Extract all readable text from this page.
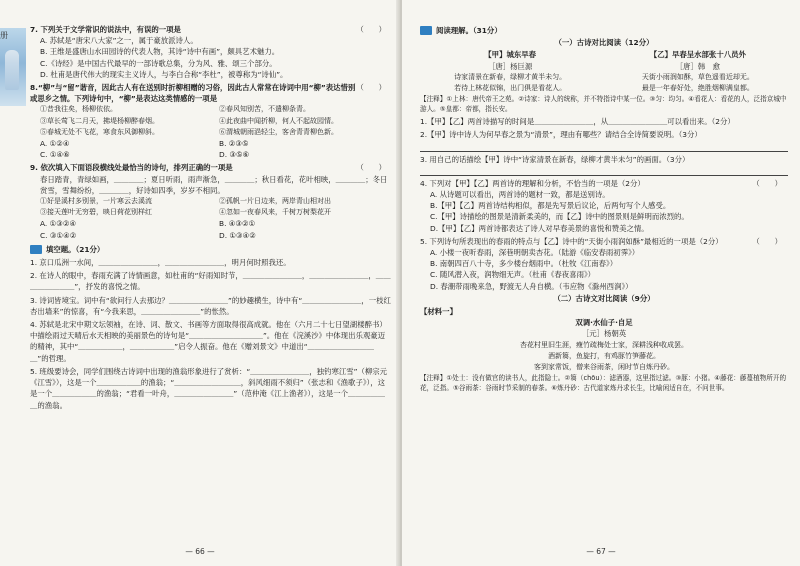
册
7. 下列关于文学常识的说法中，有误的一项是	（　　）
A. 苏轼是“唐宋八大家”之一，属于豪放派诗人。
B. 王维是盛唐山水田园诗的代表人物，其诗“诗中有画”，颇具艺术魅力。
C.《诗经》是中国古代最早的一部诗歌总集，分为风、雅、颂三个部分。
D. 杜甫是唐代伟大的现实主义诗人，与李白合称“李杜”，被尊称为“诗仙”。
8.“柳”与“留”谐音，因此古人有在送别时折柳相赠的习俗，因此古人常常在诗词中用“柳”表达惜别或思乡之情。下列诗句中，“柳”是表达这类情感的一项是
（　　）
①昔我往矣，杨柳依依。	②春风知别苦，不遣柳条青。
③草长莺飞二月天，拂堤杨柳醉春烟。	④此夜曲中闻折柳，何人不起故园情。
⑤春城无处不飞花，寒食东风御柳斜。	⑥渭城朝雨浥轻尘，客舍青青柳色新。
A. ①②④	B. ②③⑤
C. ①④⑥	D. ③⑤⑥
9. 依次填入下面语段横线处最恰当的诗句，排列正确的一项是	（　　）
春日踏青，青绿如画，＿＿＿＿；夏日听雨，雨声渐急，＿＿＿＿；秋日看花，花叶相映，＿＿＿＿；冬日赏雪，雪舞纷纷，＿＿＿＿，好诗如四季，岁岁不相同。
①好是溪村多别景，一片寒云去溪流	②孤帆一片日边来，两岸青山相对出
③接天莲叶无穷碧，映日荷花别样红	④忽如一夜春风来，千树万树梨花开
A. ①③②④	B. ④③②①
C. ③①④②	D. ①③④②
填空题。（21分）
1. 京口瓜洲一水间，＿＿＿＿＿＿＿＿，＿＿＿＿＿＿＿＿，明月何时照我还。
2. 在诗人的眼中，春雨充满了诗情画意，如杜甫的“好雨知时节，＿＿＿＿＿＿＿＿，＿＿＿＿＿＿＿＿，＿＿＿＿＿＿＿＿”，抒发的喜悦之情。
3. 诗词皆境宝。词中有“欲问行人去那边？＿＿＿＿＿＿＿＿”的妙趣横生，诗中有“＿＿＿＿＿＿＿＿，一枝红杏出墙来”的惊喜，有“今我来思，＿＿＿＿＿＿＿＿”的怅然。
4. 苏轼是北宋中期文坛领袖，在诗、词、散文、书画等方面取得很高成就。他在（六月二十七日望湖楼醉书）中描绘雨过天晴后水天相映的美丽景色的诗句是“＿＿＿＿＿＿＿＿＿＿”。他在《浣溪沙》中体现出乐观豪迈的精神，其中“＿＿＿＿＿＿，＿＿＿＿＿＿”启令人振奋。他在《赠刘景文》中道出“＿＿＿＿＿＿＿＿＿＿”的哲理。
5. 班级要诗会，同学们围绕古诗词中出现的渔翁形象进行了赏析：“＿＿＿＿＿＿＿＿，独钓寒江雪”（柳宗元《江雪》），这是一个＿＿＿＿＿＿的渔翁；“＿＿＿＿＿＿＿＿＿，斜风细雨不须归”（张志和《渔歌子》），这是一个＿＿＿＿＿＿的渔翁；“君看一叶舟，＿＿＿＿＿＿＿＿”（范仲淹《江上渔者》），这是一个＿＿＿＿＿＿的渔翁。
— 66 —
阅读理解。（31分）
（一）古诗对比阅读（12分）
【甲】城东早春
［唐］杨巨源
诗家清景在新春，绿柳才黄半未匀。
若待上林花似锦，出门俱是看花人。
【乙】早春呈水部张十八员外
［唐］韩　愈
天街小雨润如酥，草色遥看近却无。
最是一年春好处，绝胜烟柳满皇都。
【注释】①上林：唐代帝王之苑。②诗家：诗人的统称，并不特指诗中某一位。③匀：均匀。④看花人：看花的人，泛指京城中游人。⑤皇都：帝都，指长安。
1.【甲】【乙】两首诗描写的时间是＿＿＿＿＿＿＿＿，从＿＿＿＿＿＿＿＿可以看出来。（2分）
2.【甲】诗中诗人为何早春之景为“清景”，理由有哪些？请结合全诗简要说明。（3分）
3. 用自己的话描绘【甲】诗中“诗家清景在新春，绿柳才黄半未匀”的画面。（3分）
4. 下列对【甲】【乙】两首诗的理解和分析，不恰当的一项是（2分）	（　　）
A. 从诗题可以看出，两首诗的题材一致，都是送别诗。
B.【甲】【乙】两首诗结构相似，都是先写景后议论，后两句写个人感受。
C.【甲】诗描绘的图景是清新柔美的，而【乙】诗中的图景则是鲜明而浓烈的。
D.【甲】【乙】两首诗都表达了诗人对早春美景的喜悦和赞美之情。
5. 下列诗句所表现出的春雨的特点与【乙】诗中的“天街小雨润如酥”最相近的一项是（2分）	（　　）
A. 小楼一夜听春雨，深巷明朝卖杏花。（陆游《临安春雨初霁》）
B. 南朝四百八十寺，多少楼台烟雨中。（杜牧《江南春》）
C. 随风潜入夜，润物细无声。（杜甫《春夜喜雨》）
D. 春潮带雨晚来急，野渡无人舟自横。（韦应物《滁州西涧》）
（二）古诗文对比阅读（9分）
【材料一】
双调·水仙子·自足
［元］杨朝英
杏花村里旧生涯，瘦竹疏梅处士家，深耕浅种收成罢。
酒新篘，鱼旋打，有鸡豚竹笋藤花。
客到家常饭，僧来谷雨茶，闲时节自炼丹砂。
【注释】①处士：没有做官的读书人，此指隐士。②篘（chōu）：滤酒器，这里指过滤。③豚：小猪。④藤花：藤蔓植物所开的花，泛指。⑤谷雨茶：谷雨时节采制的春茶。⑥炼丹砂：古代道家炼丹求长生，比喻闲适自在，不问世事。
— 67 —
